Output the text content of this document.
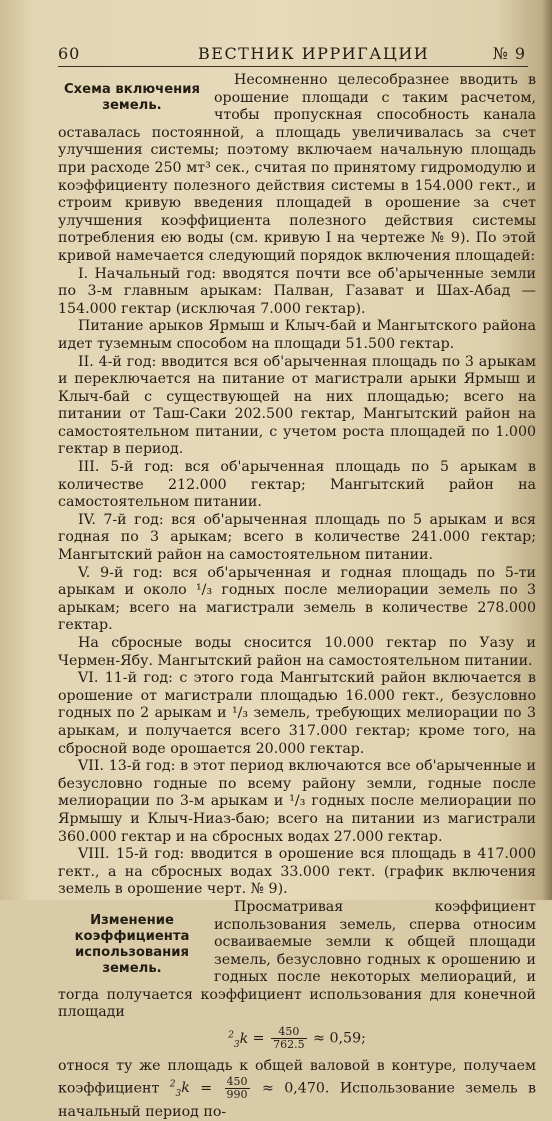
60	ВЕСТНИК ИРРИГАЦИИ	№ 9
Схема включения земель.

Несомненно целесобразнее вводить в орошение площади с таким расчетом, чтобы пропускная способность канала оставалась постоянной, а площадь увеличивалась за счет улучшения системы; поэтому включаем начальную площадь при расходе 250 мт³ сек., считая по принятому гидромодулю и коэффициенту полезного действия системы в 154.000 гект., и строим кривую введения площадей в орошение за счет улучшения коэффициента полезного действия системы потребления ею воды (см. кривую I на чертеже № 9). По этой кривой намечается следующий порядок включения площадей:

I. Начальный год: вводятся почти все об'арыченные земли по 3-м главным арыкам: Палван, Газават и Шах-Абад —154.000 гектар (исключая 7.000 гектар).

Питание арыков Ярмыш и Клыч-бай и Мангытского района идет туземным способом на площади 51.500 гектар.

II. 4-й год: вводится вся об'арыченная площадь по 3 арыкам и переключается на питание от магистрали арыки Ярмыш и Клыч-бай с существующей на них площадью; всего на питании от Таш-Саки 202.500 гектар, Мангытский район на самостоятельном питании, с учетом роста площадей по 1.000 гектар в период.

III. 5-й год: вся об'арыченная площадь по 5 арыкам в количестве 212.000 гектар; Мангытский район на самостоятельном питании.

IV. 7-й год: вся об'арыченная площадь по 5 арыкам и вся годная по 3 арыкам; всего в количестве 241.000 гектар; Мангытский район на самостоятельном питании.

V. 9-й год: вся об'арыченная и годная площадь по 5-ти арыкам и около ¹/₃ годных после мелиорации земель по 3 арыкам; всего на магистрали земель в количестве 278.000 гектар.

На сбросные воды сносится 10.000 гектар по Уазу и Чермен-Ябу. Мангытский район на самостоятельном питании.

VI. 11-й год: с этого года Мангытский район включается в орошение от магистрали площадью 16.000 гект., безусловно годных по 2 арыкам и ¹/₃ земель, требующих мелиорации по 3 арыкам, и получается всего 317.000 гектар; кроме того, на сбросной воде орошается 20.000 гектар.

VII. 13-й год: в этот период включаются все об'арыченные и безусловно годные по всему району земли, годные после мелиорации по 3-м арыкам и ¹/₃ годных после мелиорации по Ярмышу и Клыч-Ниаз-баю; всего на питании из магистрали 360.000 гектар и на сбросных водах 27.000 гектар.

VIII. 15-й год: вводится в орошение вся площадь в 417.000 гект., а на сбросных водах 33.000 гект. (график включения земель в орошение черт. № 9).

Изменение коэффициента использования земель.

Просматривая коэффициент использования земель, сперва относим осваиваемые земли к общей площади земель, безусловно годных к орошению и годных после некоторых мелиораций, и тогда получается коэффициент использования для конечной площади

$^2_3k = \frac{450}{762.5} \approx 0,59$;

относя ту же площадь к общей валовой в контуре, получаем коэффициент $^2_3k = \frac{450}{990} \approx 0,470$. Использование земель в начальный период по-
